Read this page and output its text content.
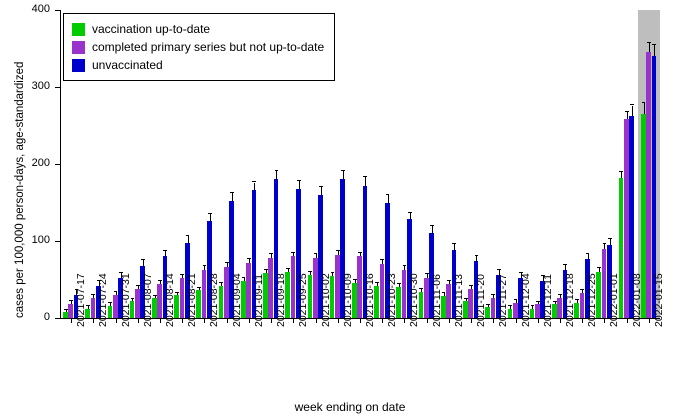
0
100
200
300
400
2021-07-17 2021-07-24 2021-07-31 2021-08-07 2021-08-14 2021-08-21 2021-08-28 2021-09-04 2021-09-11 2021-09-18 2021-09-25 2021-10-02 2021-10-09 2021-10-16 2021-10-23 2021-10-30 2021-11-06 2021-11-13 2021-11-20 2021-11-27 2021-12-04 2021-12-11 2021-12-18 2021-12-25 2022-01-01 2022-01-08 2022-01-15
cases per 100,000 person-days, age-standardized
week ending on date
vaccination up-to-date
completed primary series but not up-to-date
unvaccinated
